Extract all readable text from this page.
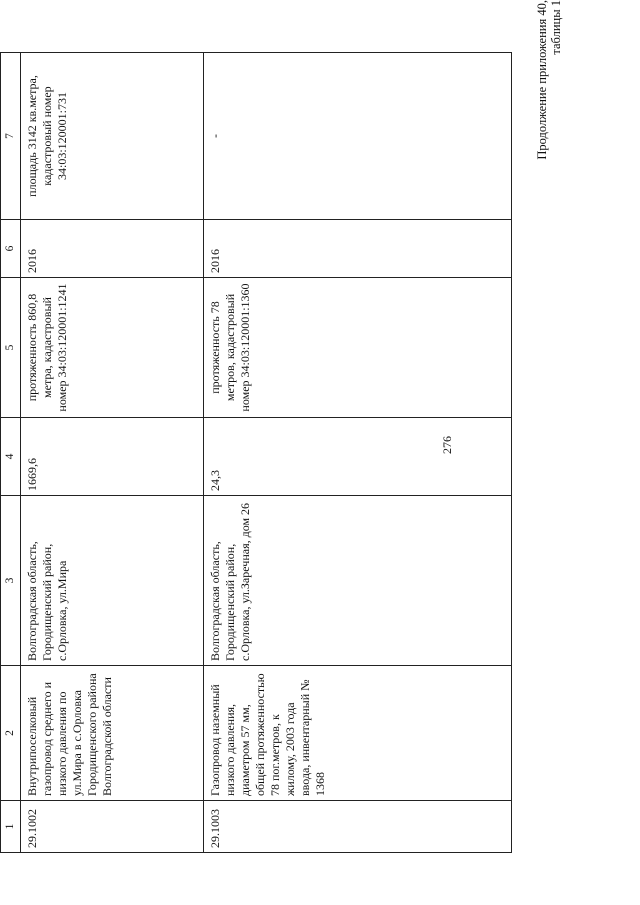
276
Продолжение приложения 40, таблицы 1
1	2	3	4	5	6	7
29.1002	Внутрипоселковый газопровод среднего и низкого давления по ул.Мира в с.Орловка Городищенского района Волгоградской области	Волгоградская область, Городищенский район, с.Орловка, ул.Мира	1669,6	протяженность 860,8 метра, кадастровый номер 34:03:120001:1241	2016	площадь 3142 кв.метра, кадастровый номер 34:03:120001:731
29.1003	Газопровод наземный низкого давления, диаметром 57 мм, общей протяженностью 78 пог.метров, к жилому, 2003 года ввода, инвентарный № 1368	Волгоградская область, Городищенский район, с.Орловка, ул.Заречная, дом 26	24,3	протяженность 78 метров, кадастровый номер 34:03:120001:1360	2016	-
